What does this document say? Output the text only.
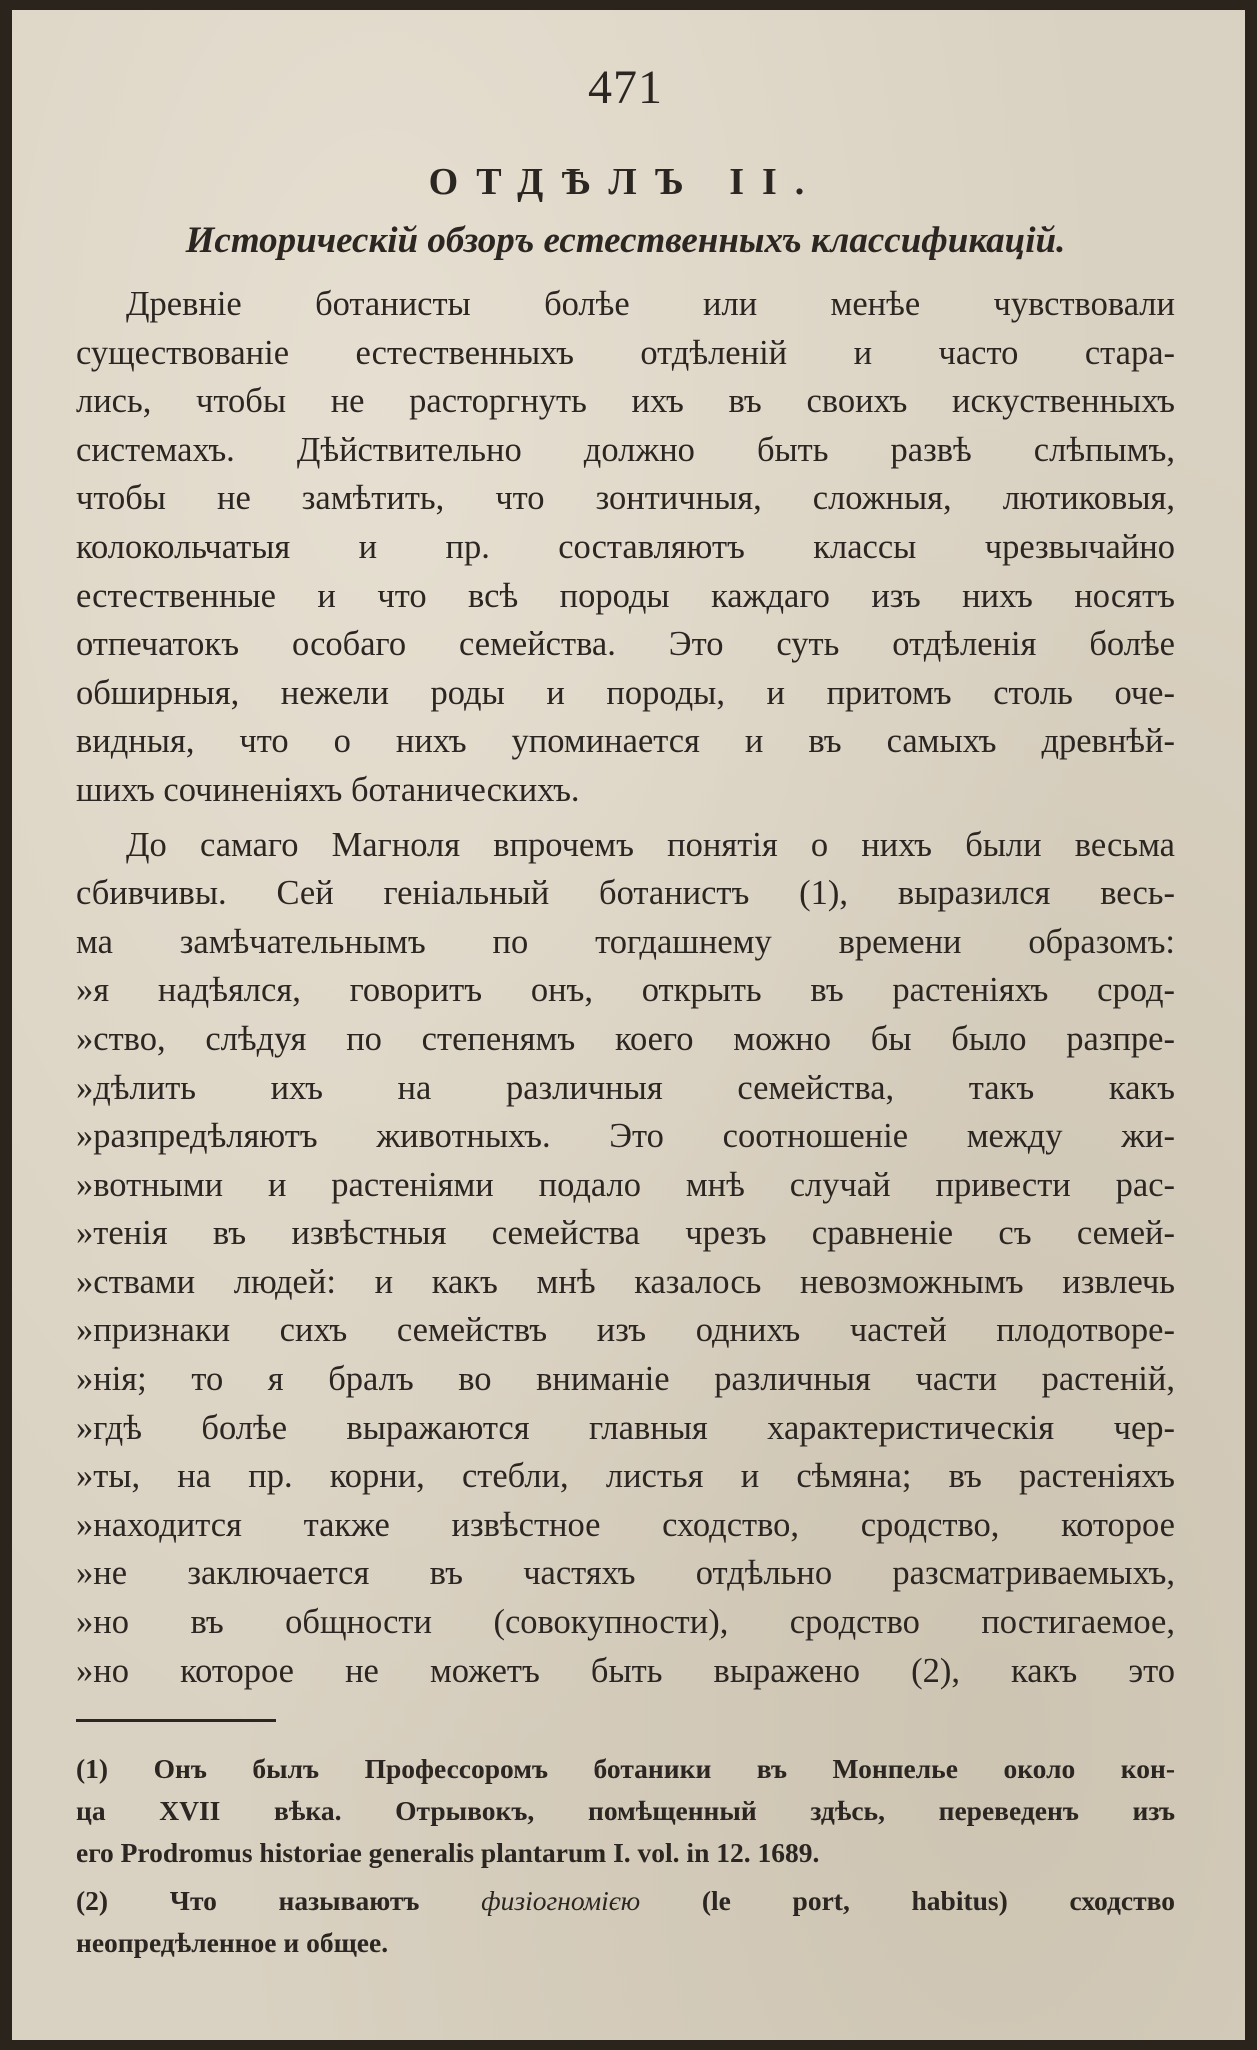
471
ОТДѢЛЪ II.
Историческій обзоръ естественныхъ классификацій.
Древніе ботанисты болѣе или менѣе чувствовали
существованіе естественныхъ отдѣленій и часто стара-
лись, чтобы не расторгнуть ихъ въ своихъ искуственныхъ
системахъ. Дѣйствительно должно быть развѣ слѣпымъ,
чтобы не замѣтить, что зонтичныя, сложныя, лютиковыя,
колокольчатыя и пр. составляютъ классы чрезвычайно
естественные и что всѣ породы каждаго изъ нихъ носятъ
отпечатокъ особаго семейства. Это суть отдѣленія болѣе
обширныя, нежели роды и породы, и притомъ столь оче-
видныя, что о нихъ упоминается и въ самыхъ древнѣй-
шихъ сочиненіяхъ ботаническихъ.
До самаго Магноля впрочемъ понятія о нихъ были весьма
сбивчивы. Сей геніальный ботанистъ (1), выразился весь-
ма замѣчательнымъ по тогдашнему времени образомъ:
»я надѣялся, говоритъ онъ, открыть въ растеніяхъ срод-
»ство, слѣдуя по степенямъ коего можно бы было разпре-
»дѣлить ихъ на различныя семейства, такъ какъ
»разпредѣляютъ животныхъ. Это соотношеніе между жи-
»вотными и растеніями подало мнѣ случай привести рас-
»тенія въ извѣстныя семейства чрезъ сравненіе съ семей-
»ствами людей: и какъ мнѣ казалось невозможнымъ извлечь
»признаки сихъ семействъ изъ однихъ частей плодотворе-
»нія; то я бралъ во вниманіе различныя части растеній,
»гдѣ болѣе выражаются главныя характеристическія чер-
»ты, на пр. корни, стебли, листья и сѣмяна; въ растеніяхъ
»находится также извѣстное сходство, сродство, которое
»не заключается въ частяхъ отдѣльно разсматриваемыхъ,
»но въ общности (совокупности), сродство постигаемое,
»но которое не можетъ быть выражено (2), какъ это
(1) Онъ былъ Профессоромъ ботаники въ Монпелье около кон-
ца XVII вѣка. Отрывокъ, помѣщенный здѣсь, переведенъ изъ
его Prodromus historiae generalis plantarum I. vol. in 12. 1689.
(2) Что называютъ физіогномією (le port, habitus) сходство
неопредѣленное и общее.
